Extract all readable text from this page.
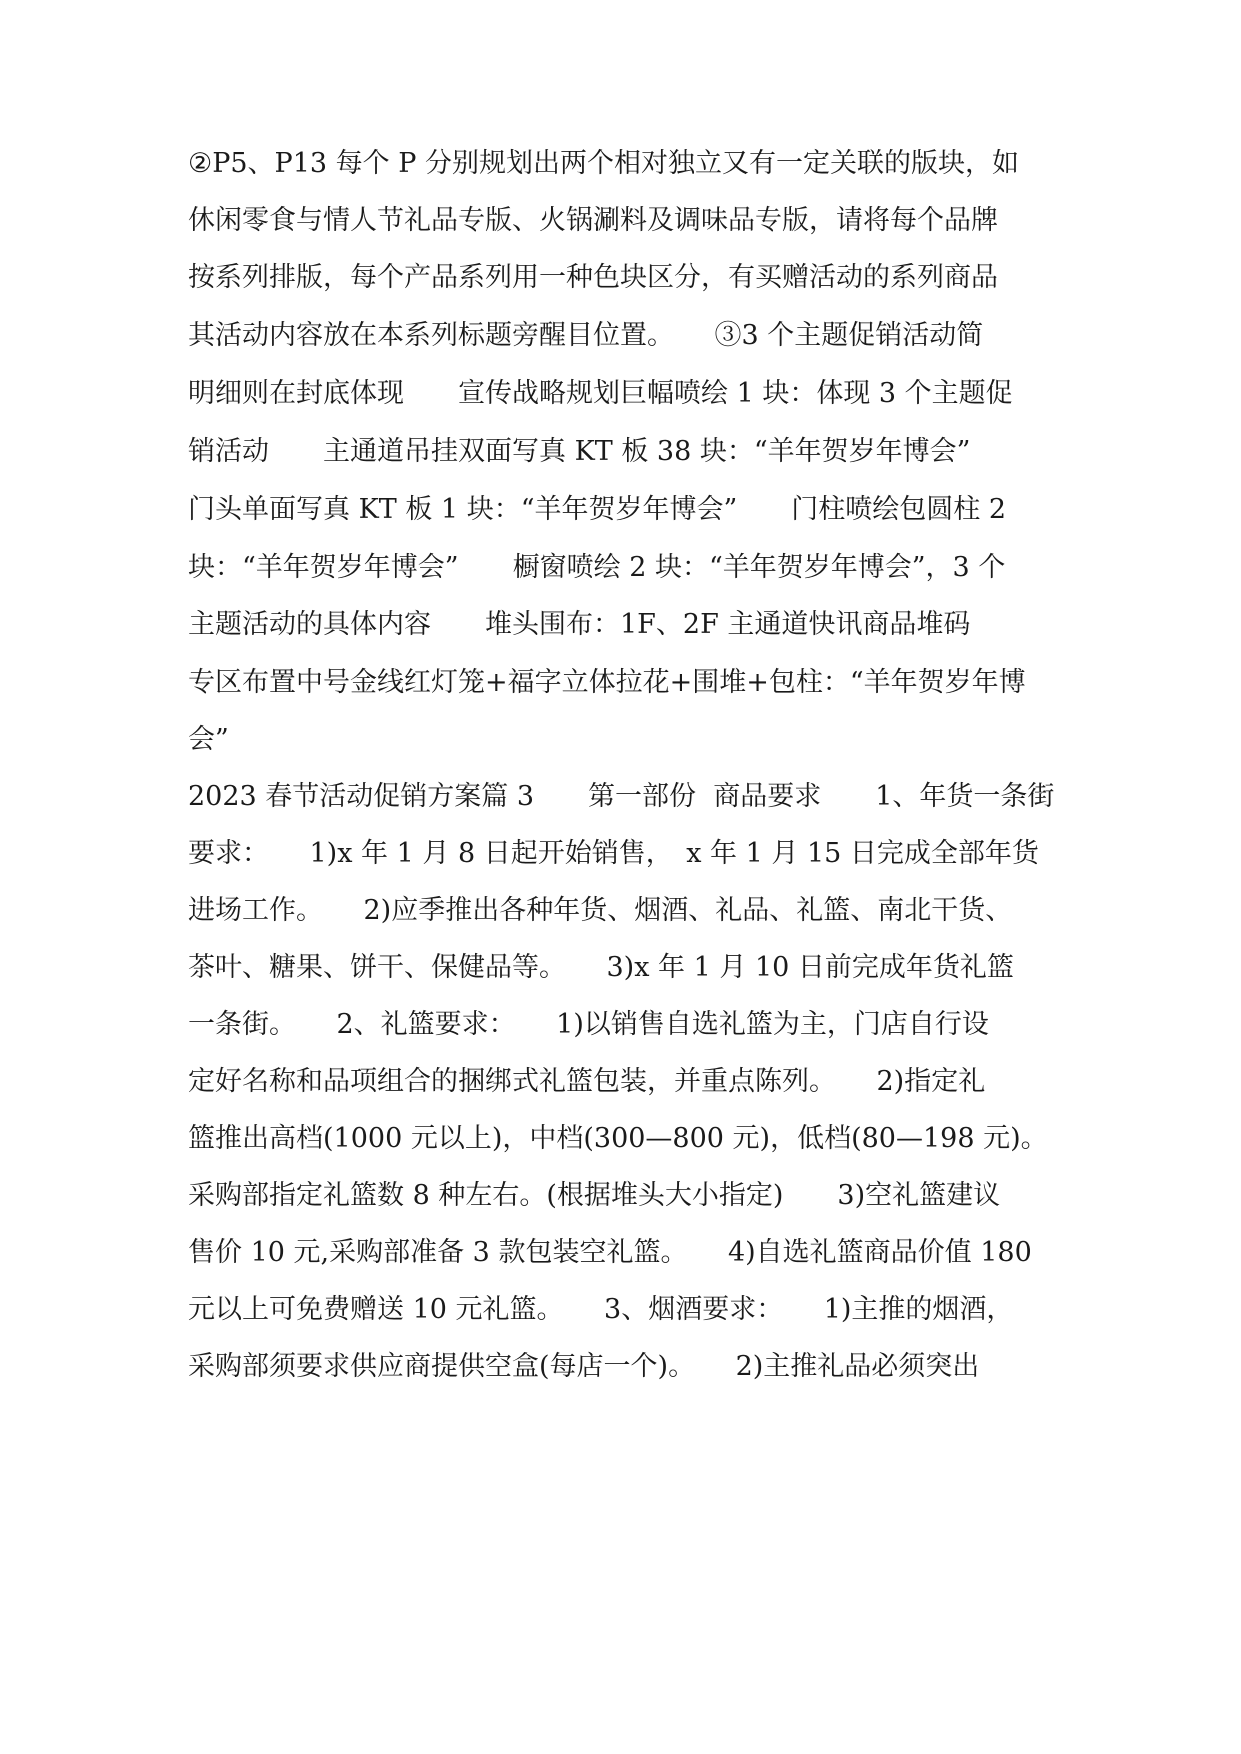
②P5、P13 每个 P 分别规划出两个相对独立又有一定关联的版块，如
休闲零食与情人节礼品专版、火锅涮料及调味品专版，请将每个品牌
按系列排版，每个产品系列用一种色块区分，有买赠活动的系列商品
其活动内容放在本系列标题旁醒目位置。　　③3 个主题促销活动简
明细则在封底体现　　宣传战略规划巨幅喷绘 1 块：体现 3 个主题促
销活动　　主通道吊挂双面写真 KT 板 38 块：“羊年贺岁年博会”
门头单面写真 KT 板 1 块：“羊年贺岁年博会”　　门柱喷绘包圆柱 2
块：“羊年贺岁年博会”　　橱窗喷绘 2 块：“羊年贺岁年博会”，3 个
主题活动的具体内容　　堆头围布：1F、2F 主通道快讯商品堆码
专区布置中号金线红灯笼+福字立体拉花+围堆+包柱：“羊年贺岁年博
会”
2023 春节活动促销方案篇 3　　第一部份  商品要求　　1、年货一条街
要求：　　1)x 年 1 月 8 日起开始销售，　x 年 1 月 15 日完成全部年货
进场工作。　　2)应季推出各种年货、烟酒、礼品、礼篮、南北干货、
茶叶、糖果、饼干、保健品等。　　3)x 年 1 月 10 日前完成年货礼篮
一条街。　　2、礼篮要求：　　1)以销售自选礼篮为主，门店自行设
定好名称和品项组合的捆绑式礼篮包装，并重点陈列。　　2)指定礼
篮推出高档(1000 元以上)，中档(300—800 元)，低档(80—198 元)。
采购部指定礼篮数 8 种左右。(根据堆头大小指定)　　3)空礼篮建议
售价 10 元,采购部准备 3 款包装空礼篮。　　4)自选礼篮商品价值 180
元以上可免费赠送 10 元礼篮。　　3、烟酒要求：　　1)主推的烟酒，
采购部须要求供应商提供空盒(每店一个)。　　2)主推礼品必须突出
